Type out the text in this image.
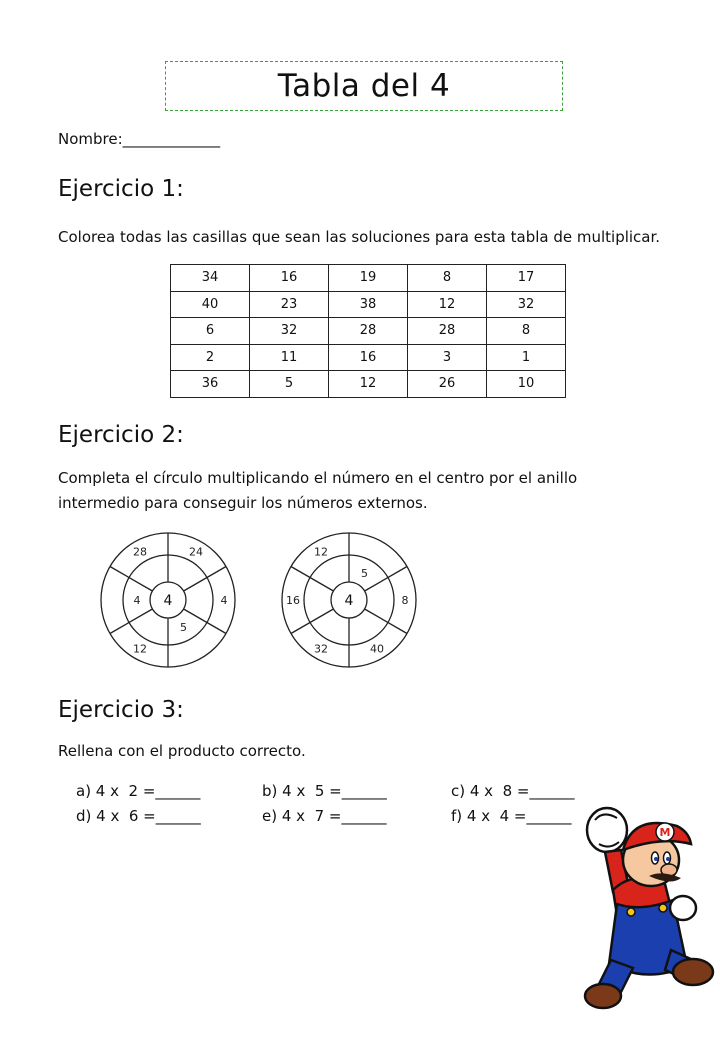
Tabla del 4
Nombre:_____________
Ejercicio 1:

Colorea todas las casillas que sean las soluciones para esta tabla de multiplicar.

34	16	19	8	17
40	23	38	12	32
6	32	28	28	8
2	11	16	3	1
36	5	12	26	10
Ejercicio 2:

Completa el círculo multiplicando el número en el centro por el anillo

intermedio para conseguir los números externos.

24
4
5
12
4
28
4
5
8
40
32
16
12
4
Ejercicio 3:

Rellena con el producto correcto.

a) 4 x  2 =______	b) 4 x  5 =______	c) 4 x  8 =______
d) 4 x  6 =______	e) 4 x  7 =______	f) 4 x  4 =______
M
